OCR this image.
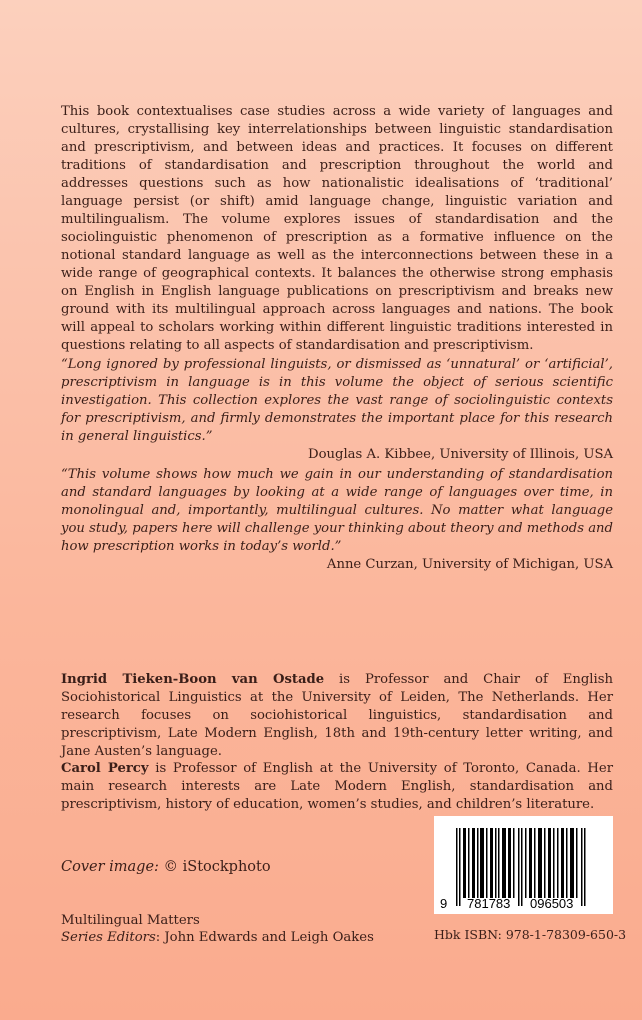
This book contextualises case studies across a wide variety of languages and cultures, crystallising key interrelationships between linguistic standardisation and prescriptivism, and between ideas and practices. It focuses on different traditions of standardisation and prescription throughout the world and addresses questions such as how nationalistic idealisations of ‘traditional’ language persist (or shift) amid language change, linguistic variation and multilingualism. The volume explores issues of standardisation and the sociolinguistic phenomenon of prescription as a formative influence on the notional standard language as well as the interconnections between these in a wide range of geographical contexts. It balances the otherwise strong emphasis on English in English language publications on prescriptivism and breaks new ground with its multilingual approach across languages and nations. The book will appeal to scholars working within different linguistic traditions interested in questions relating to all aspects of standardisation and prescriptivism.
“Long ignored by professional linguists, or dismissed as ‘unnatural’ or ‘artificial’, prescriptivism in language is in this volume the object of serious scientific investigation. This collection explores the vast range of sociolinguistic contexts for prescriptivism, and firmly demonstrates the important place for this research in general linguistics.”
Douglas A. Kibbee, University of Illinois, USA
“This volume shows how much we gain in our understanding of standardisation and standard languages by looking at a wide range of languages over time, in monolingual and, importantly, multilingual cultures. No matter what language you study, papers here will challenge your thinking about theory and methods and how prescription works in today’s world.”
Anne Curzan, University of Michigan, USA
Ingrid Tieken-Boon van Ostade is Professor and Chair of English Sociohistorical Linguistics at the University of Leiden, The Netherlands. Her research focuses on sociohistorical linguistics, standardisation and prescriptivism, Late Modern English, 18th and 19th-century letter writing, and Jane Austen’s language.
Carol Percy is Professor of English at the University of Toronto, Canada. Her main research interests are Late Modern English, standardisation and prescriptivism, history of education, women’s studies, and children’s literature.
Cover image: © iStockphoto
Multilingual Matters
Series Editors: John Edwards and Leigh Oakes
9 781783 096503
Hbk ISBN: 978-1-78309-650-3
